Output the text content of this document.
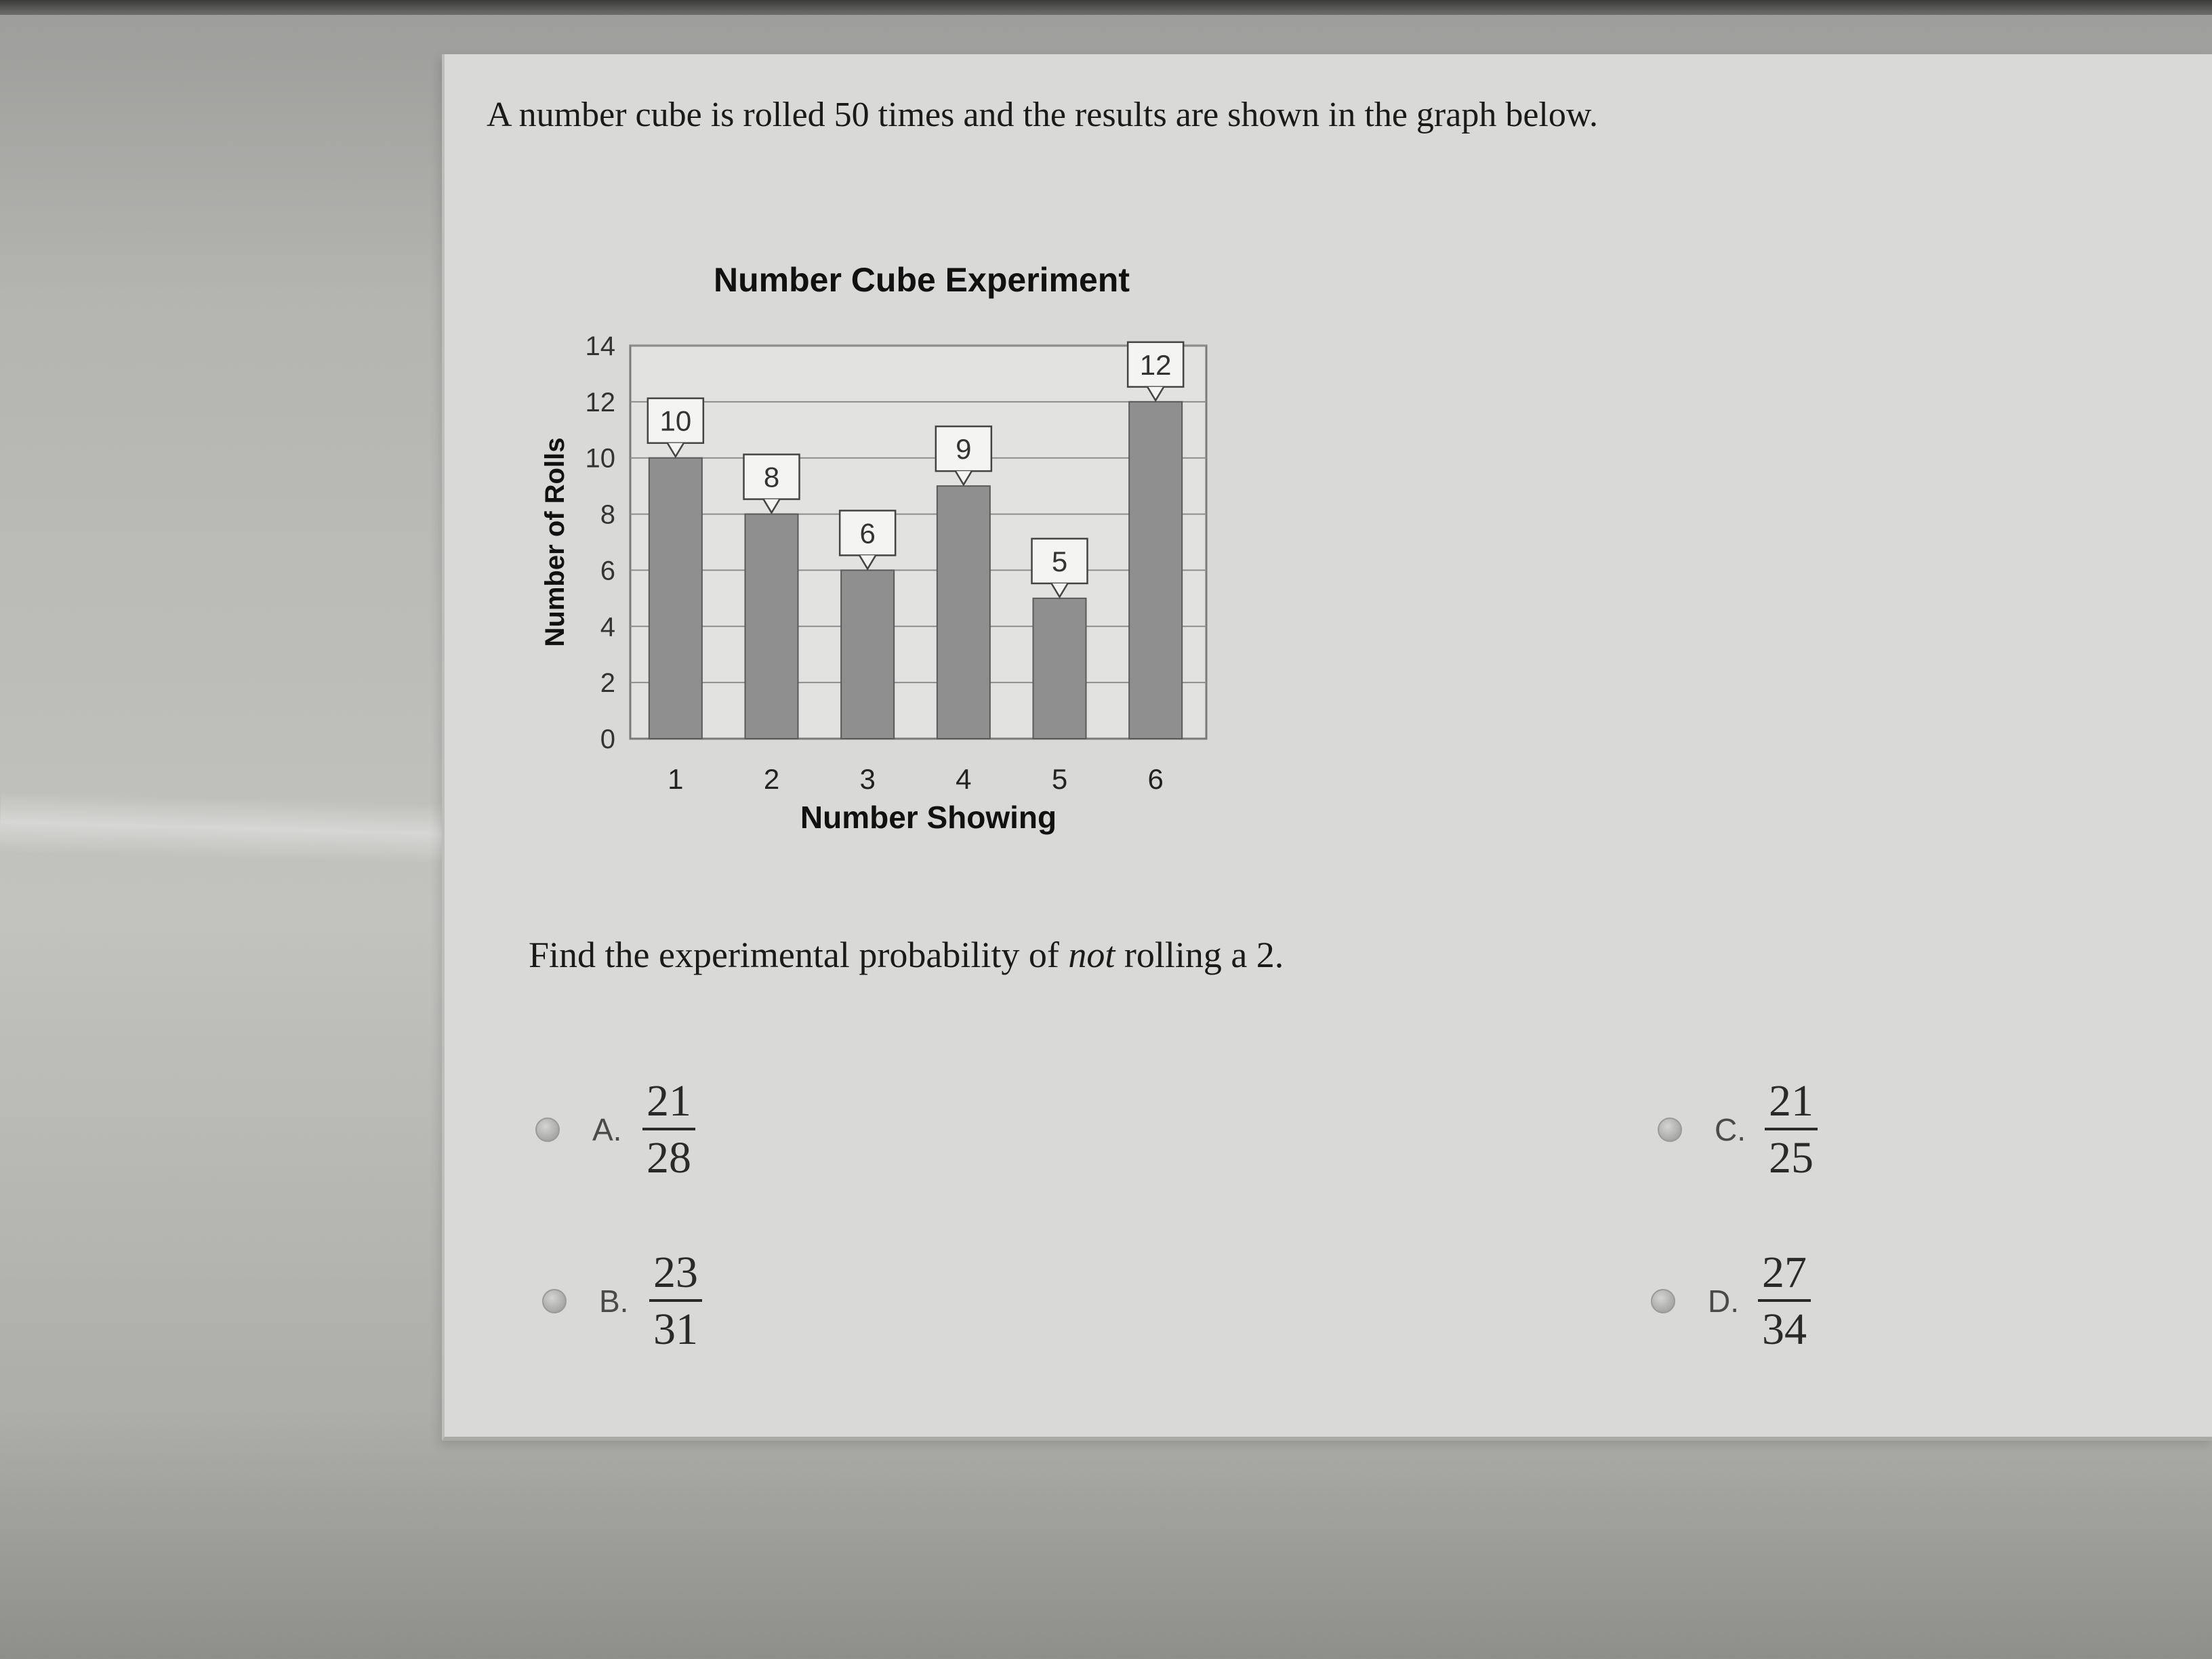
A number cube is rolled 50 times and the results are shown in the graph below.
10
8
6
9
5
12
0
2
4
6
8
10
12
14
1	2	3	4	5	6
Number Cube Experiment
Number Showing
Number of Rolls
Find the experimental probability of not rolling a 2.
A. $\frac{21}{28}$
B. $\frac{23}{31}$
C. $\frac{21}{25}$
D. $\frac{27}{34}$
